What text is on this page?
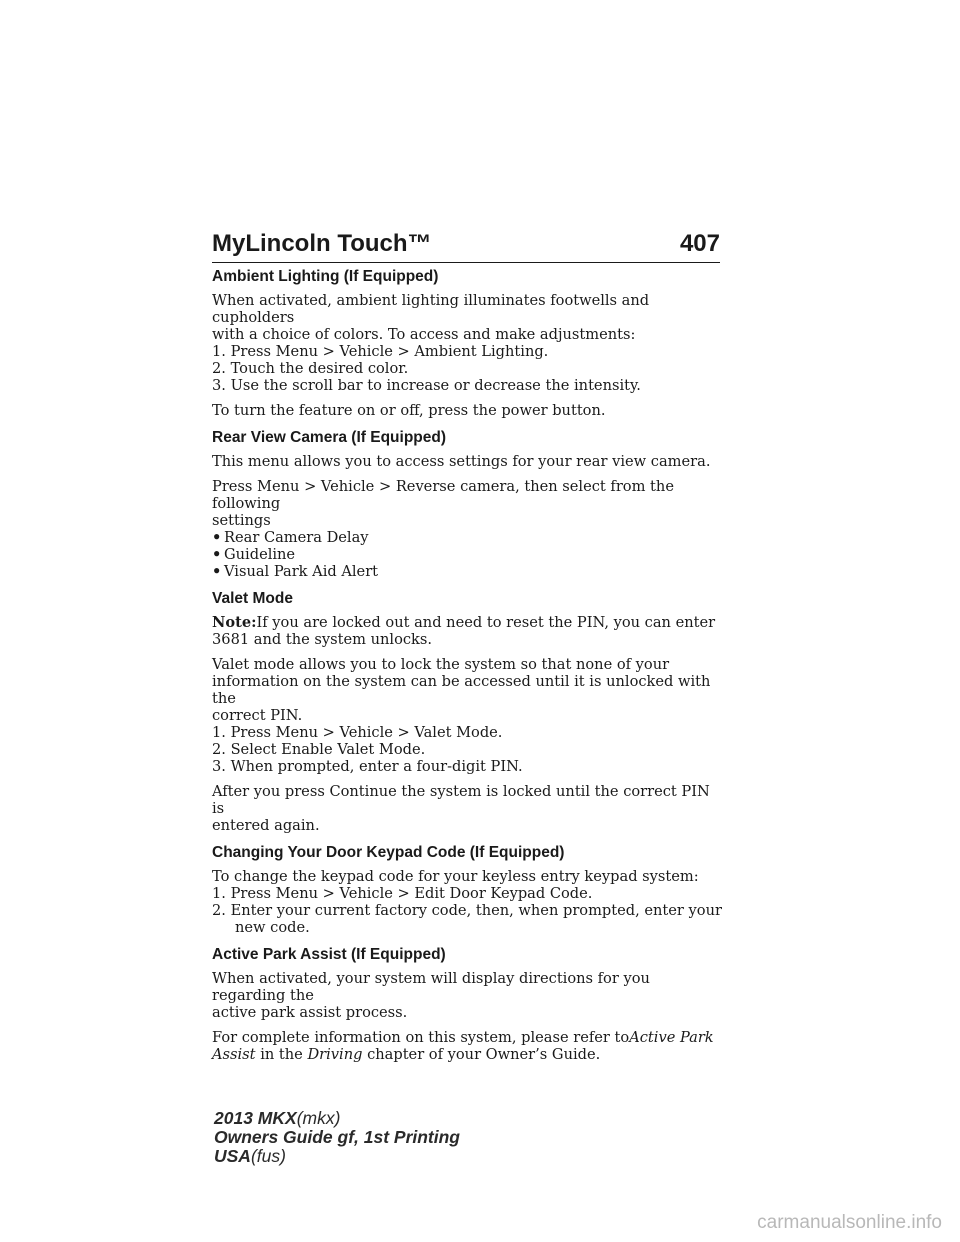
MyLincoln Touch™	407
Ambient Lighting (If Equipped)

When activated, ambient lighting illuminates footwells and cupholders
with a choice of colors. To access and make adjustments:
1. Press Menu > Vehicle > Ambient Lighting.
2. Touch the desired color.
3. Use the scroll bar to increase or decrease the intensity.

To turn the feature on or off, press the power button.

Rear View Camera (If Equipped)

This menu allows you to access settings for your rear view camera.

Press Menu > Vehicle > Reverse camera, then select from the following
settings
• Rear Camera Delay
• Guideline
• Visual Park Aid Alert

Valet Mode

Note:If you are locked out and need to reset the PIN, you can enter
3681 and the system unlocks.

Valet mode allows you to lock the system so that none of your
information on the system can be accessed until it is unlocked with the
correct PIN.
1. Press Menu > Vehicle > Valet Mode.
2. Select Enable Valet Mode.
3. When prompted, enter a four-digit PIN.

After you press Continue the system is locked until the correct PIN is
entered again.

Changing Your Door Keypad Code (If Equipped)

To change the keypad code for your keyless entry keypad system:
1. Press Menu > Vehicle > Edit Door Keypad Code.
2. Enter your current factory code, then, when prompted, enter your
new code.

Active Park Assist (If Equipped)

When activated, your system will display directions for you regarding the
active park assist process.

For complete information on this system, please refer toActive Park
Assist in the Driving chapter of your Owner’s Guide.

2013 MKX(mkx)
Owners Guide gf, 1st Printing
USA(fus)
carmanualsonline.info
